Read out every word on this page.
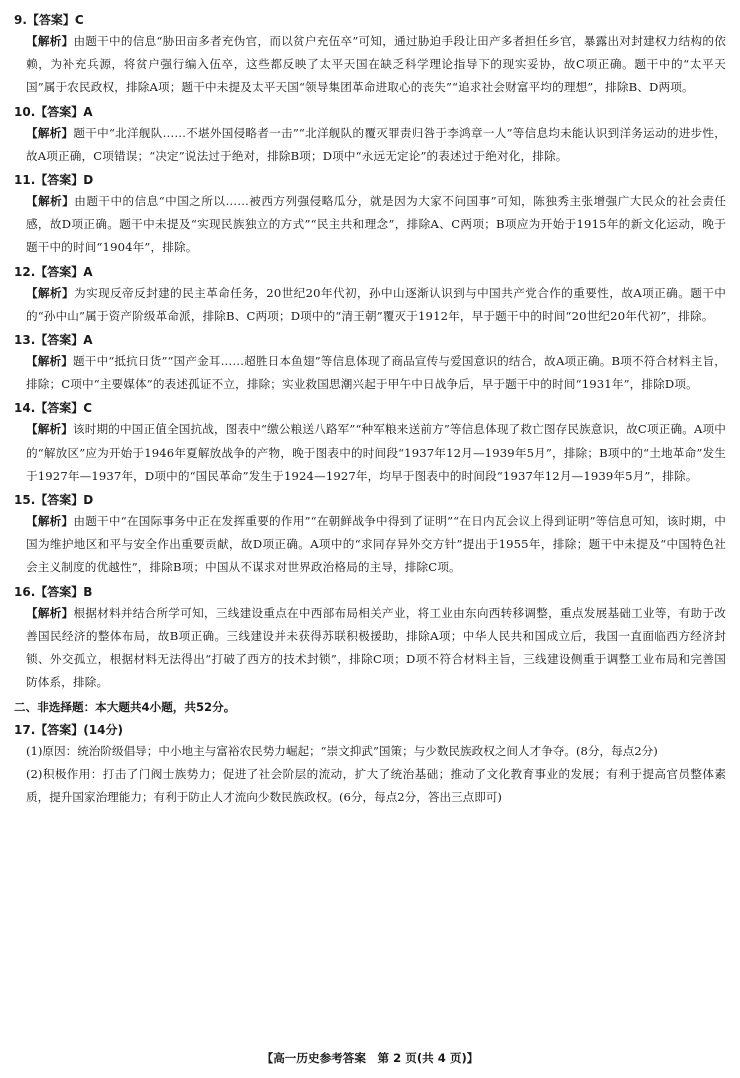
9.【答案】C

【解析】由题干中的信息“胁田亩多者充伪官，而以贫户充伍卒”可知，通过胁迫手段让田产多者担任乡官，暴露出对封建权力结构的依赖，为补充兵源，将贫户强行编入伍卒，这些都反映了太平天国在缺乏科学理论指导下的现实妥协，故C项正确。题干中的“太平天国”属于农民政权，排除A项；题干中未提及太平天国“领导集团革命进取心的丧失”“追求社会财富平均的理想”，排除B、D两项。

10.【答案】A

【解析】题干中“北洋舰队……不堪外国侵略者一击”“北洋舰队的覆灭罪责归咎于李鸿章一人”等信息均未能认识到洋务运动的进步性，故A项正确，C项错误；“决定”说法过于绝对，排除B项；D项中“永远无定论”的表述过于绝对化，排除。

11.【答案】D

【解析】由题干中的信息“中国之所以……被西方列强侵略瓜分，就是因为大家不问国事”可知，陈独秀主张增强广大民众的社会责任感，故D项正确。题干中未提及“实现民族独立的方式”“民主共和理念”，排除A、C两项；B项应为开始于1915年的新文化运动，晚于题干中的时间“1904年”，排除。

12.【答案】A

【解析】为实现反帝反封建的民主革命任务，20世纪20年代初，孙中山逐渐认识到与中国共产党合作的重要性，故A项正确。题干中的“孙中山”属于资产阶级革命派，排除B、C两项；D项中的“清王朝”覆灭于1912年，早于题干中的时间“20世纪20年代初”，排除。

13.【答案】A

【解析】题干中“抵抗日货”“国产金耳……超胜日本鱼翅”等信息体现了商品宣传与爱国意识的结合，故A项正确。B项不符合材料主旨，排除；C项中“主要媒体”的表述孤证不立，排除；实业救国思潮兴起于甲午中日战争后，早于题干中的时间“1931年”，排除D项。

14.【答案】C

【解析】该时期的中国正值全国抗战，图表中“缴公粮送八路军”“种军粮来送前方”等信息体现了救亡图存民族意识，故C项正确。A项中的“解放区”应为开始于1946年夏解放战争的产物，晚于图表中的时间段“1937年12月—1939年5月”，排除；B项中的“土地革命”发生于1927年—1937年，D项中的“国民革命”发生于1924—1927年，均早于图表中的时间段“1937年12月—1939年5月”，排除。

15.【答案】D

【解析】由题干中“在国际事务中正在发挥重要的作用”“在朝鲜战争中得到了证明”“在日内瓦会议上得到证明”等信息可知，该时期，中国为维护地区和平与安全作出重要贡献，故D项正确。A项中的“求同存异外交方针”提出于1955年，排除；题干中未提及“中国特色社会主义制度的优越性”，排除B项；中国从不谋求对世界政治格局的主导，排除C项。

16.【答案】B

【解析】根据材料并结合所学可知，三线建设重点在中西部布局相关产业，将工业由东向西转移调整，重点发展基础工业等，有助于改善国民经济的整体布局，故B项正确。三线建设并未获得苏联积极援助，排除A项；中华人民共和国成立后，我国一直面临西方经济封锁、外交孤立，根据材料无法得出“打破了西方的技术封锁”，排除C项；D项不符合材料主旨，三线建设侧重于调整工业布局和完善国防体系，排除。

二、非选择题：本大题共4小题，共52分。
17.【答案】(14分)

(1)原因：统治阶级倡导；中小地主与富裕农民势力崛起；“崇文抑武”国策；与少数民族政权之间人才争夺。(8分，每点2分)

(2)积极作用：打击了门阀士族势力；促进了社会阶层的流动，扩大了统治基础；推动了文化教育事业的发展；有利于提高官员整体素质，提升国家治理能力；有利于防止人才流向少数民族政权。(6分，每点2分，答出三点即可)

【高一历史参考答案　第 2 页(共 4 页)】
